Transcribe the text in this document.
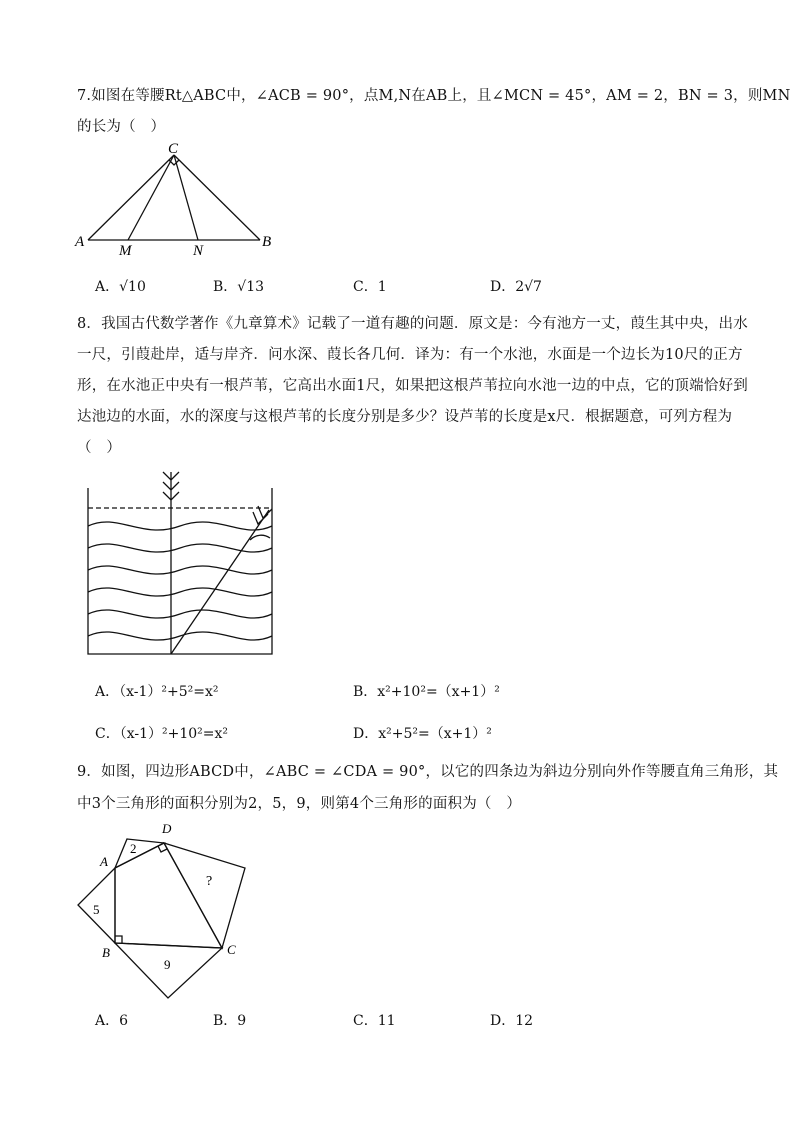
7.如图在等腰Rt△ABC中，∠ACB = 90°，点M,N在AB上，且∠MCN = 45°，AM = 2，BN = 3，则MN
的长为（　）
C
A	B
M	N
A．√10	B．√13	C．1	D．2√7
8．我国古代数学著作《九章算术》记载了一道有趣的问题．原文是：今有池方一丈，葭生其中央，出水
一尺，引葭赴岸，适与岸齐．问水深、葭长各几何．译为：有一个水池，水面是一个边长为10尺的正方
形，在水池正中央有一根芦苇，它高出水面1尺，如果把这根芦苇拉向水池一边的中点，它的顶端恰好到
达池边的水面，水的深度与这根芦苇的长度分别是多少？设芦苇的长度是x尺．根据题意，可列方程为
（　）
A．（x-1）²+5²=x²	B．x²+10²=（x+1）²
C．（x-1）²+10²=x²	D．x²+5²=（x+1）²
9．如图，四边形ABCD中，∠ABC = ∠CDA = 90°，以它的四条边为斜边分别向外作等腰直角三角形，其
中3个三角形的面积分别为2，5，9，则第4个三角形的面积为（　）
D
A
B	C
2
5
9
?
A．6	B．9	C．11	D．12
